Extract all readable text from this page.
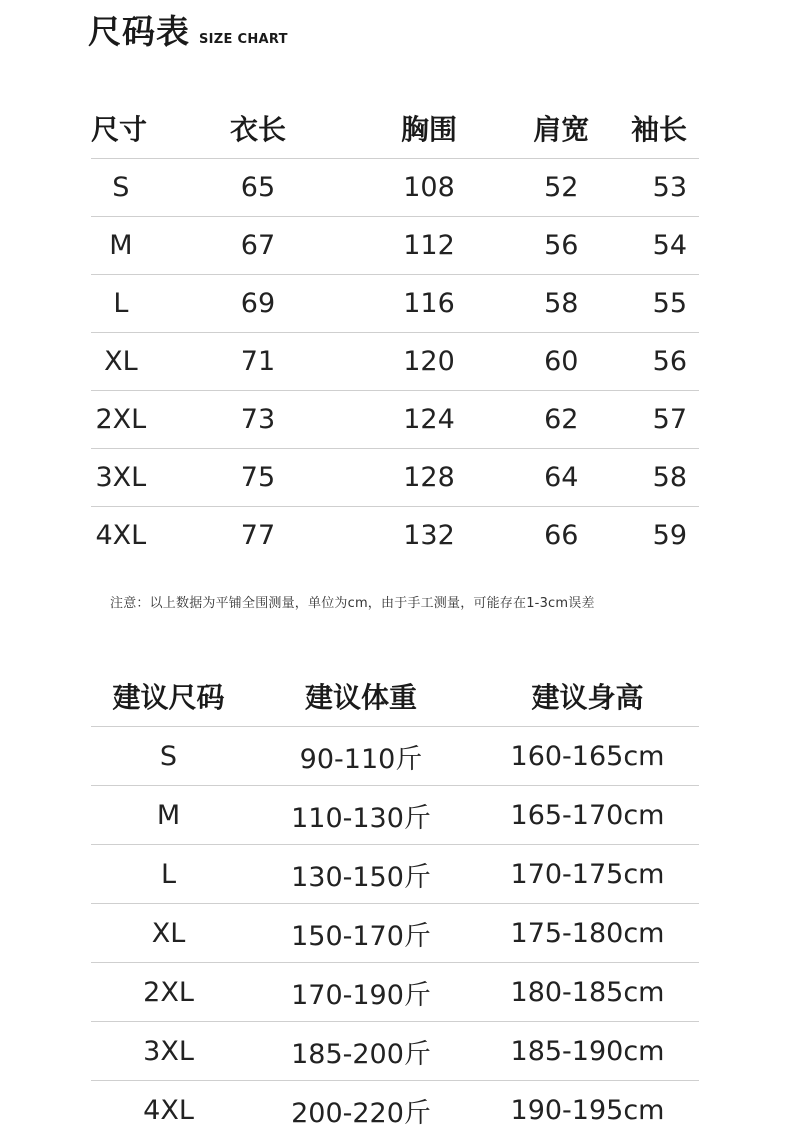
尺码表 SIZE CHART
尺寸	衣长	胸围	肩宽	袖长
S	65	108	52	53
M	67	112	56	54
L	69	116	58	55
XL	71	120	60	56
2XL	73	124	62	57
3XL	75	128	64	58
4XL	77	132	66	59
注意：以上数据为平铺全围测量，单位为cm，由于手工测量，可能存在1-3cm误差
建议尺码	建议体重	建议身高
S	90-110斤	160-165cm
M	110-130斤	165-170cm
L	130-150斤	170-175cm
XL	150-170斤	175-180cm
2XL	170-190斤	180-185cm
3XL	185-200斤	185-190cm
4XL	200-220斤	190-195cm
